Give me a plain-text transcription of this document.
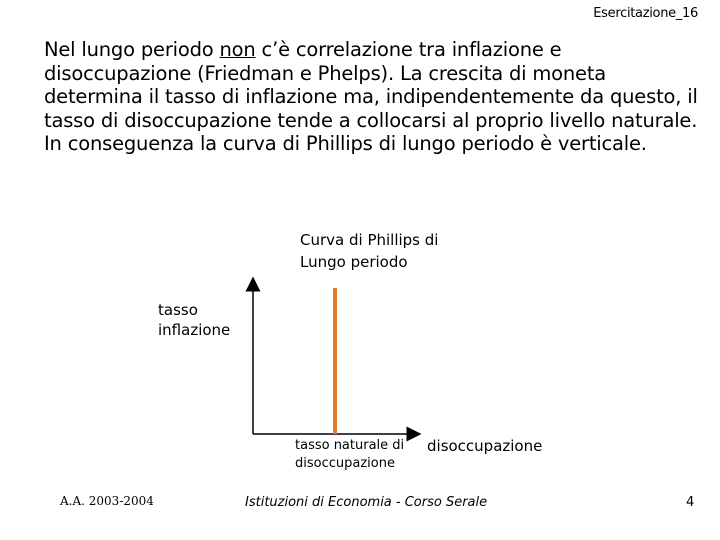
Esercitazione_16
Nel lungo periodo non c’è correlazione tra inflazione e disoccupazione (Friedman e Phelps). La crescita di moneta determina il tasso di inflazione ma, indipendentemente da questo, il tasso di disoccupazione tende a collocarsi al proprio livello naturale. In conseguenza la curva di Phillips di lungo periodo è verticale.
Curva di Phillips di
Lungo periodo
tasso
inflazione
tasso naturale di
disoccupazione
disoccupazione
A.A. 2003-2004	Istituzioni di Economia - Corso Serale	4
